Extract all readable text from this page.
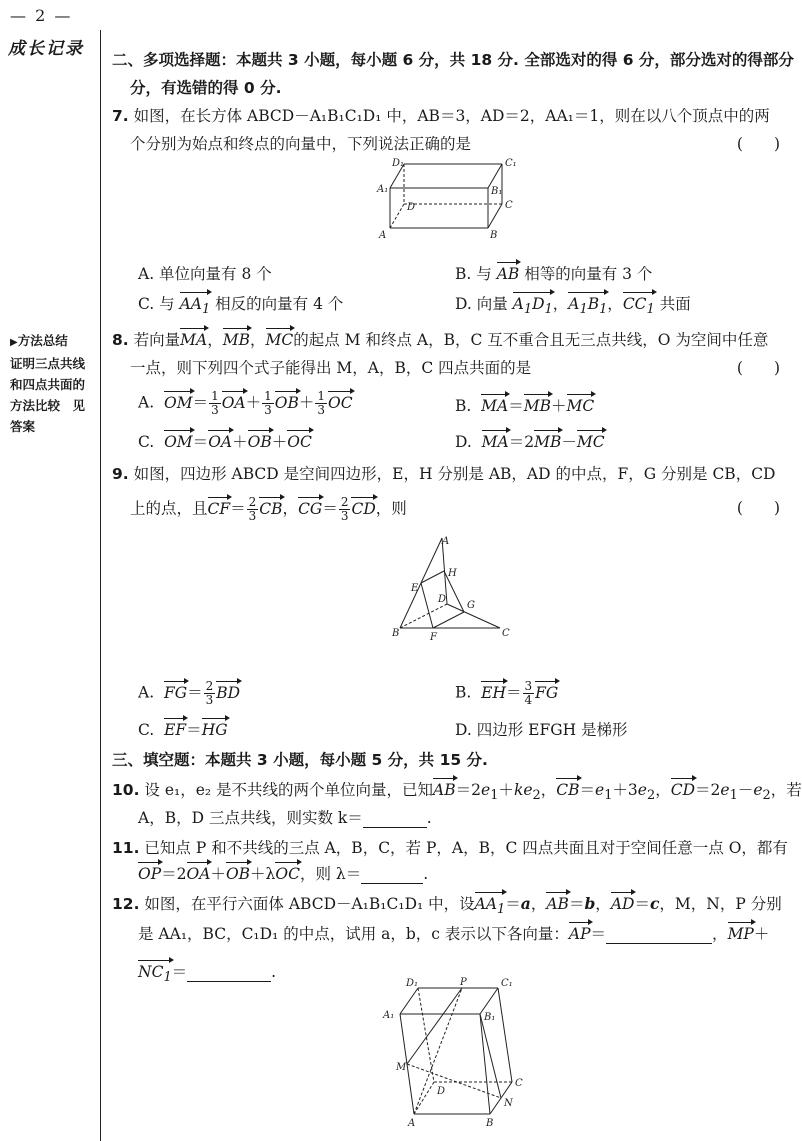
— 2 —
成长记录
▶方法总结
证明三点共线
和四点共面的
方法比较　见
答案
二、多项选择题：本题共 3 小题，每小题 6 分，共 18 分. 全部选对的得 6 分，部分选对的得部分
分，有选错的得 0 分.
7. 如图，在长方体 ABCD－A₁B₁C₁D₁ 中，AB＝3，AD＝2，AA₁＝1，则在以八个顶点中的两
个分别为始点和终点的向量中，下列说法正确的是	(　　)
D₁	C₁
A₁	B₁
D	C
A	B
A. 单位向量有 8 个	B. 与 AB 相等的向量有 3 个
C. 与 $AA_1$ 相反的向量有 4 个	D. 向量 $A_1D_1$，$A_1B_1$，$CC_1$ 共面
8. 若向量MA，MB，MC的起点 M 和终点 A，B，C 互不重合且无三点共线，O 为空间中任意
一点，则下列四个式子能得出 M，A，B，C 四点共面的是	(　　)
A.  $OM= \frac{1}{3} OA+ \frac{1}{3} OB+ \frac{1}{3}$ OC	B.  MA＝MB＋MC
C.  OM＝OA＋OB＋OC	D.  MA＝2MB－MC
9. 如图，四边形 ABCD 是空间四边形，E，H 分别是 AB，AD 的中点，F，G 分别是 CB，CD
上的点，且$CF= \frac{2}{3}$ CB，$CG= \frac{2}{3}$ CD，则	(　　)
A
H
E
D
G
B	F	C
A.  $FG= \frac{2}{3}$ BD	B.  $EH= \frac{3}{4}$ FG
C.  EF＝HG	D. 四边形 EFGH 是梯形
三、填空题：本题共 3 小题，每小题 5 分，共 15 分.
10. 设 e₁，e₂ 是不共线的两个单位向量，已知$AB=2e_1+ke_2$，$CB=e_1+3e_2$，$CD=2e_1-e_2$，若
A，B，D 三点共线，则实数 k＝	.
11. 已知点 P 和不共线的三点 A，B，C，若 P，A，B，C 四点共面且对于空间任意一点 O，都有
OP＝2OA＋OB＋λOC，则 λ＝	.
12. 如图，在平行六面体 ABCD－A₁B₁C₁D₁ 中，设$AA_1=a$，AB＝b，AD＝c，M，N，P 分别
是 AA₁，BC，C₁D₁ 的中点，试用 a，b，c 表示以下各向量：AP＝	，MP＋
$NC_1=$	.
D₁	P	C₁
A₁	B₁
M
C
D
N
A	B
